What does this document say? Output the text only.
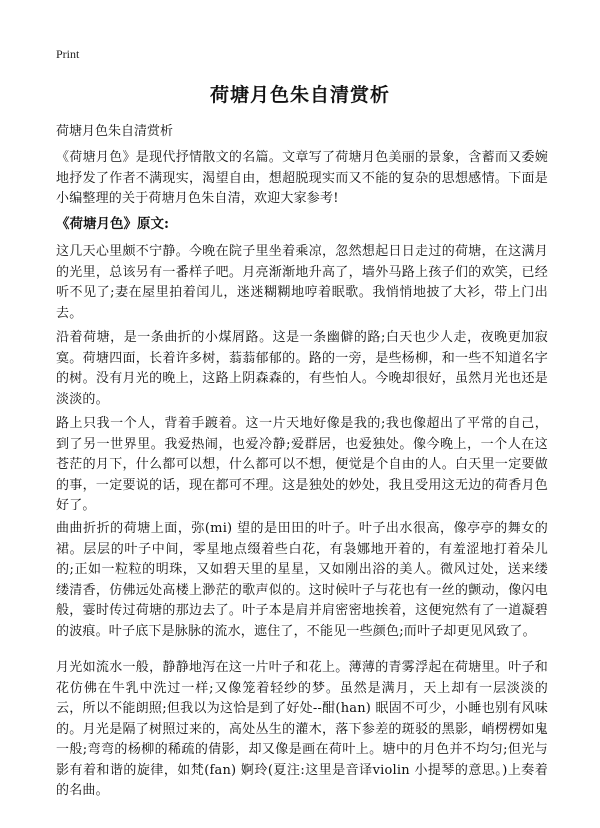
Print
荷塘月色朱自清赏析
荷塘月色朱自清赏析

《荷塘月色》是现代抒情散文的名篇。文章写了荷塘月色美丽的景象，含蓄而又委婉地抒发了作者不满现实，渴望自由，想超脱现实而又不能的复杂的思想感情。下面是小编整理的关于荷塘月色朱自清，欢迎大家参考!

《荷塘月色》原文:

这几天心里颇不宁静。今晚在院子里坐着乘凉，忽然想起日日走过的荷塘，在这满月的光里，总该另有一番样子吧。月亮渐渐地升高了，墙外马路上孩子们的欢笑，已经听不见了;妻在屋里拍着闰儿，迷迷糊糊地哼着眠歌。我悄悄地披了大衫，带上门出去。

沿着荷塘，是一条曲折的小煤屑路。这是一条幽僻的路;白天也少人走，夜晚更加寂寞。荷塘四面，长着许多树，蓊蓊郁郁的。路的一旁，是些杨柳，和一些不知道名字的树。没有月光的晚上，这路上阴森森的，有些怕人。今晚却很好，虽然月光也还是淡淡的。

路上只我一个人，背着手踱着。这一片天地好像是我的;我也像超出了平常的自己，到了另一世界里。我爱热闹，也爱冷静;爱群居，也爱独处。像今晚上，一个人在这苍茫的月下，什么都可以想，什么都可以不想，便觉是个自由的人。白天里一定要做的事，一定要说的话，现在都可不理。这是独处的妙处，我且受用这无边的荷香月色好了。

曲曲折折的荷塘上面，弥(mi) 望的是田田的叶子。叶子出水很高，像亭亭的舞女的裙。层层的叶子中间，零星地点缀着些白花，有袅娜地开着的，有羞涩地打着朵儿的;正如一粒粒的明珠，又如碧天里的星星，又如刚出浴的美人。微风过处，送来缕缕清香，仿佛远处高楼上渺茫的歌声似的。这时候叶子与花也有一丝的颤动，像闪电般，霎时传过荷塘的那边去了。叶子本是肩并肩密密地挨着，这便宛然有了一道凝碧的波痕。叶子底下是脉脉的流水，遮住了，不能见一些颜色;而叶子却更见风致了。

月光如流水一般，静静地泻在这一片叶子和花上。薄薄的青雾浮起在荷塘里。叶子和花仿佛在牛乳中洗过一样;又像笼着轻纱的梦。虽然是满月，天上却有一层淡淡的云，所以不能朗照;但我以为这恰是到了好处--酣(han) 眠固不可少，小睡也别有风味的。月光是隔了树照过来的，高处丛生的灌木，落下参差的斑驳的黑影，峭楞楞如鬼一般;弯弯的杨柳的稀疏的倩影，却又像是画在荷叶上。塘中的月色并不均匀;但光与影有着和谐的旋律，如梵(fan) 婀玲(夏注:这里是音译violin 小提琴的意思。)上奏着的名曲。
